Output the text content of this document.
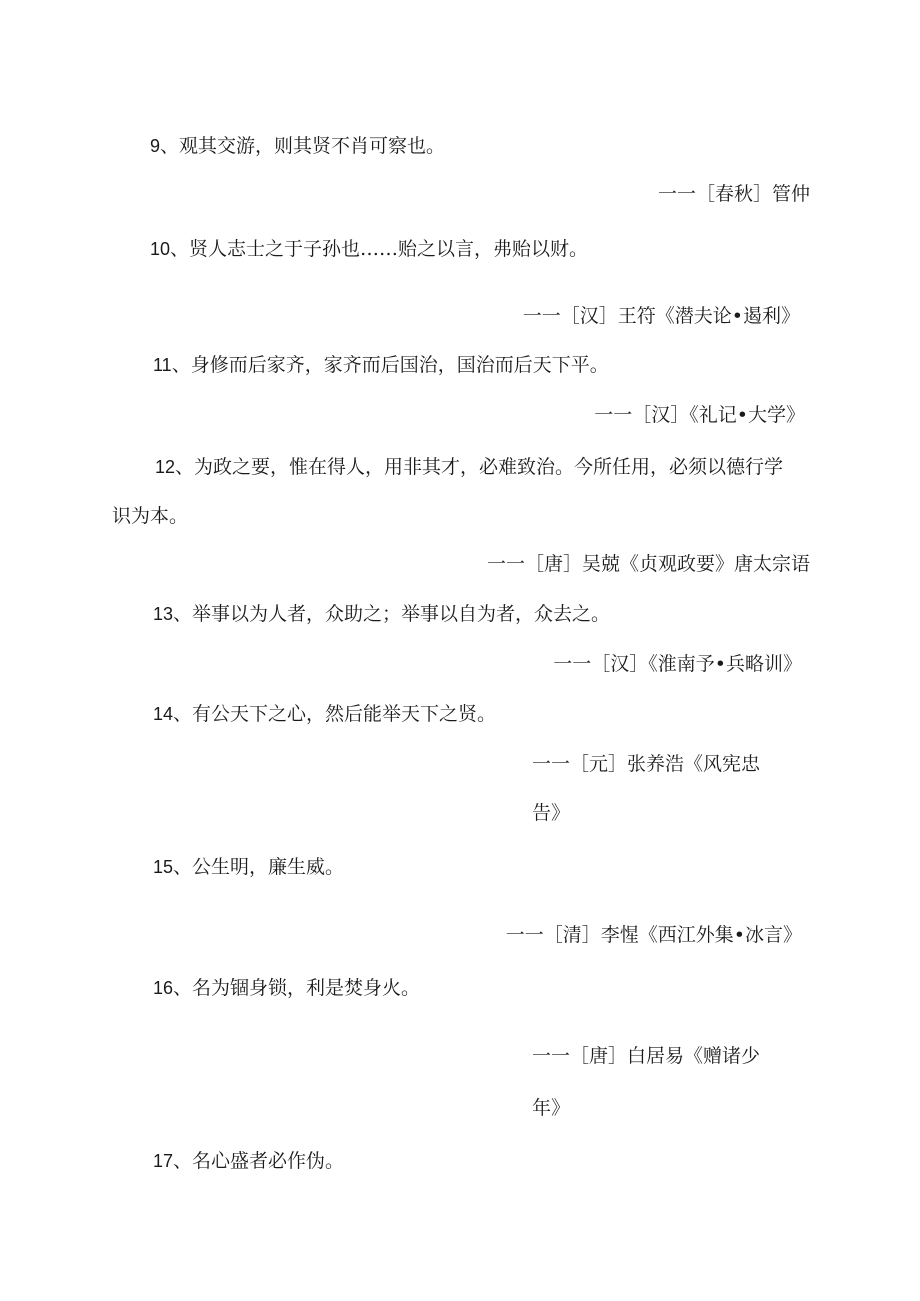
9、观其交游，则其贤不肖可察也。

一一［春秋］管仲

10、贤人志士之于子孙也……贻之以言，弗贻以财。

一一［汉］王符《潜夫论•遏利》

11、身修而后家齐，家齐而后国治，国治而后天下平。

一一［汉］《礼记•大学》

12、为政之要，惟在得人，用非其才，必难致治。今所任用，必须以德行学

识为本。

一一［唐］吴兢《贞观政要》唐太宗语

13、举事以为人者，众助之；举事以自为者，众去之。

一一［汉］《淮南予•兵略训》

14、有公天下之心，然后能举天下之贤。

一一［元］张养浩《风宪忠

告》

15、公生明，廉生威。

一一［清］李惺《西江外集•冰言》

16、名为锢身锁，利是焚身火。

一一［唐］白居易《赠诸少

年》

17、名心盛者必作伪。
